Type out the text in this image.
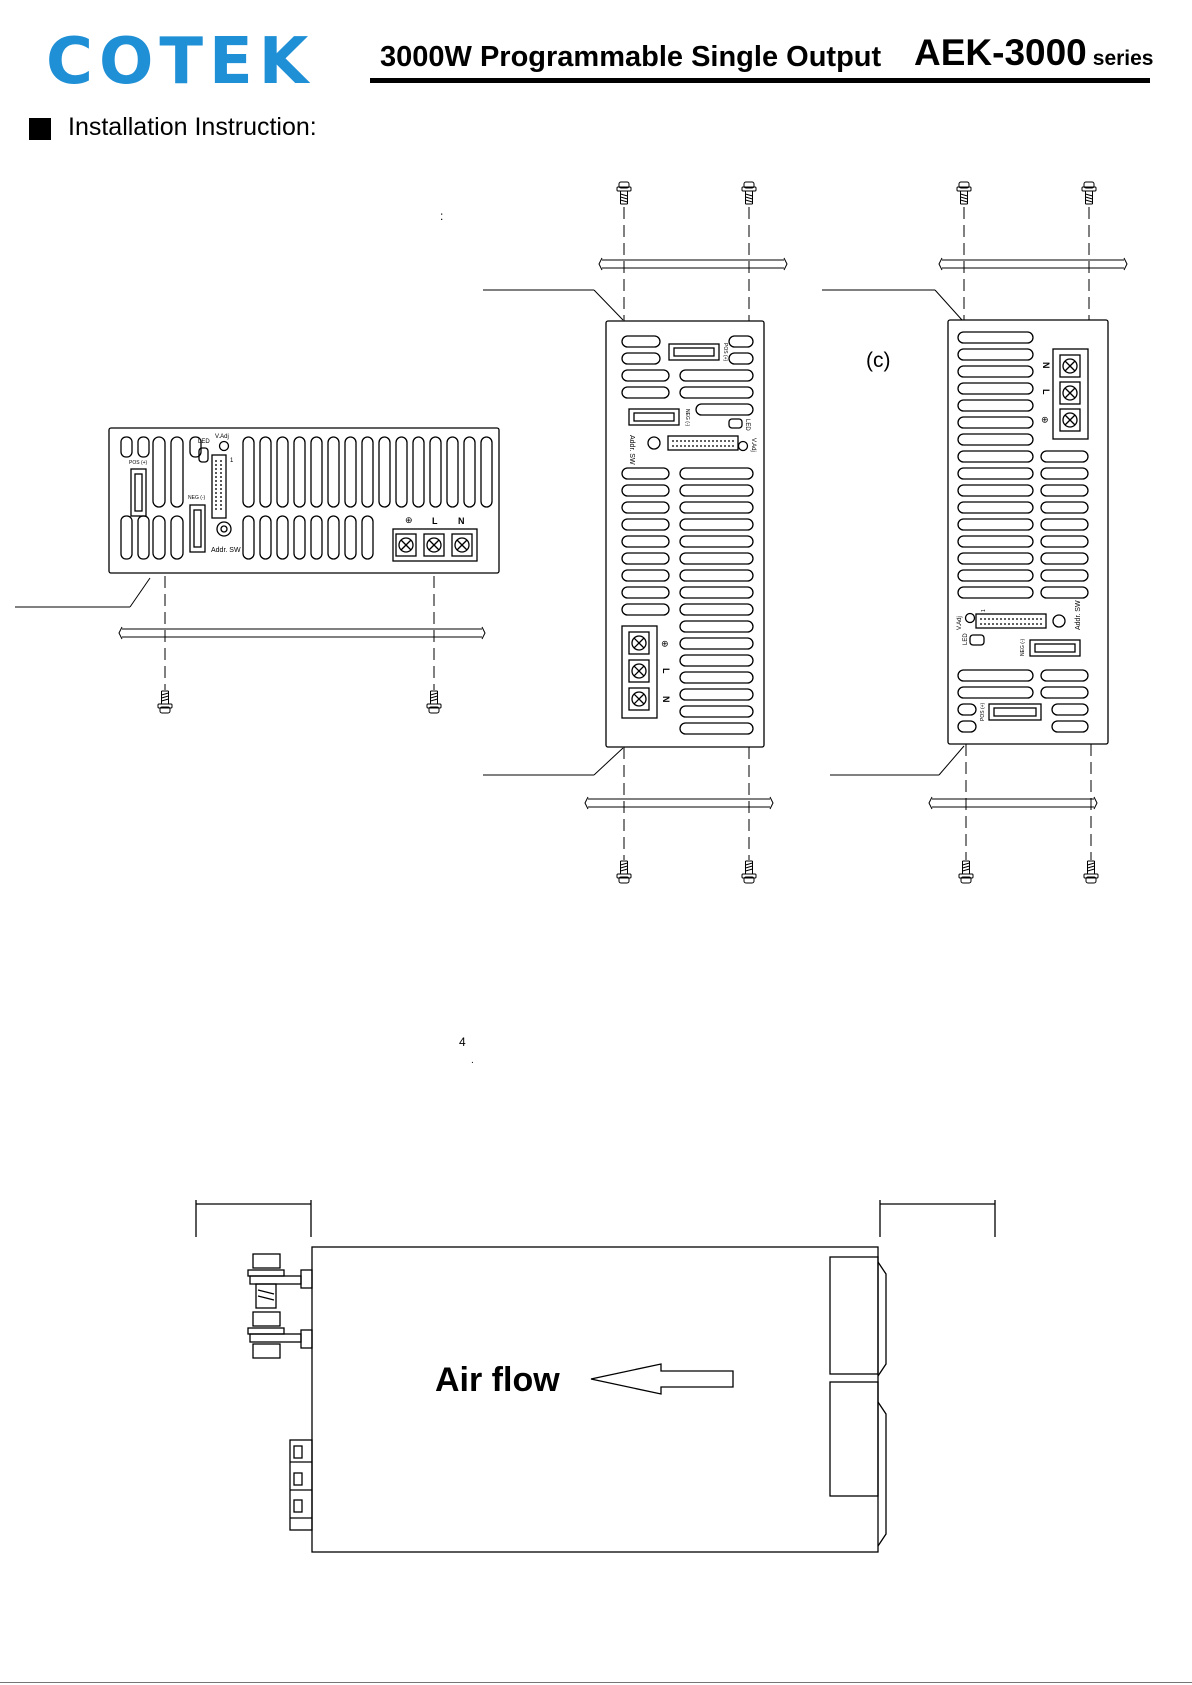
COTEK 3000W Programmable Single Output AEK-3000 series
Installation Instruction:
:
POS (+)
NEG (-)
LED
V.Adj
1
Addr. SW
⊕ L N
POS (+)
NEG (-)	LED
V.Adj
Addr. SW
⊕
L
N
(c)	N
L
⊕
V.Adj
LED
1	Addr. SW
NEG (-)
POS (+)
4
.
Air flow
